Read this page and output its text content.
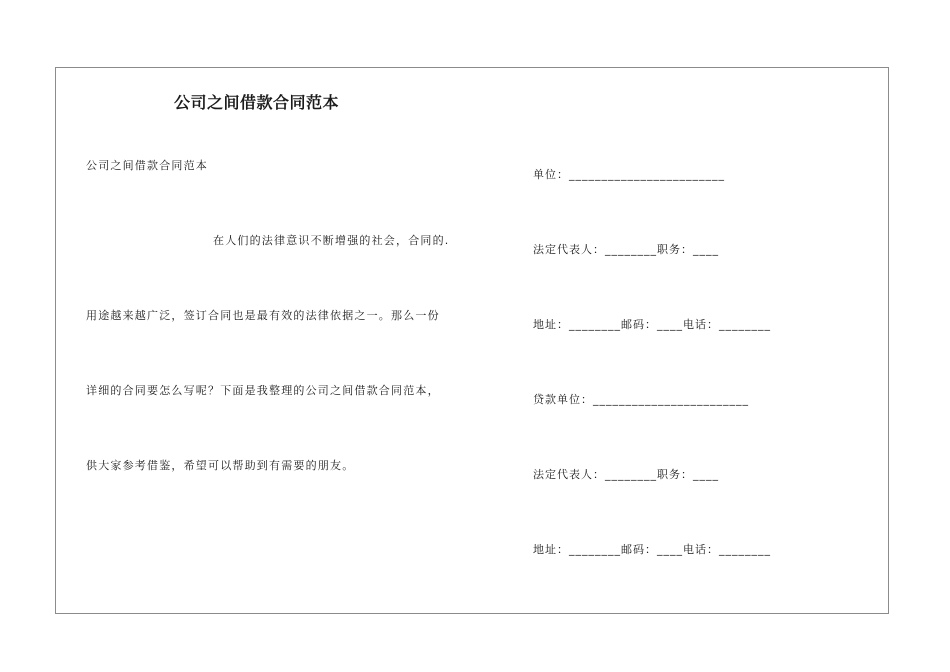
公司之间借款合同范本

公司之间借款合同范本

在人们的法律意识不断增强的社会，合同的.

用途越来越广泛，签订合同也是最有效的法律依据之一。那么一份

详细的合同要怎么写呢？下面是我整理的公司之间借款合同范本，

供大家参考借鉴，希望可以帮助到有需要的朋友。

单位：________________________
法定代表人：________职务：____
地址：________邮码：____电话：________
贷款单位：________________________
法定代表人：________职务：____
地址：________邮码：____电话：________
